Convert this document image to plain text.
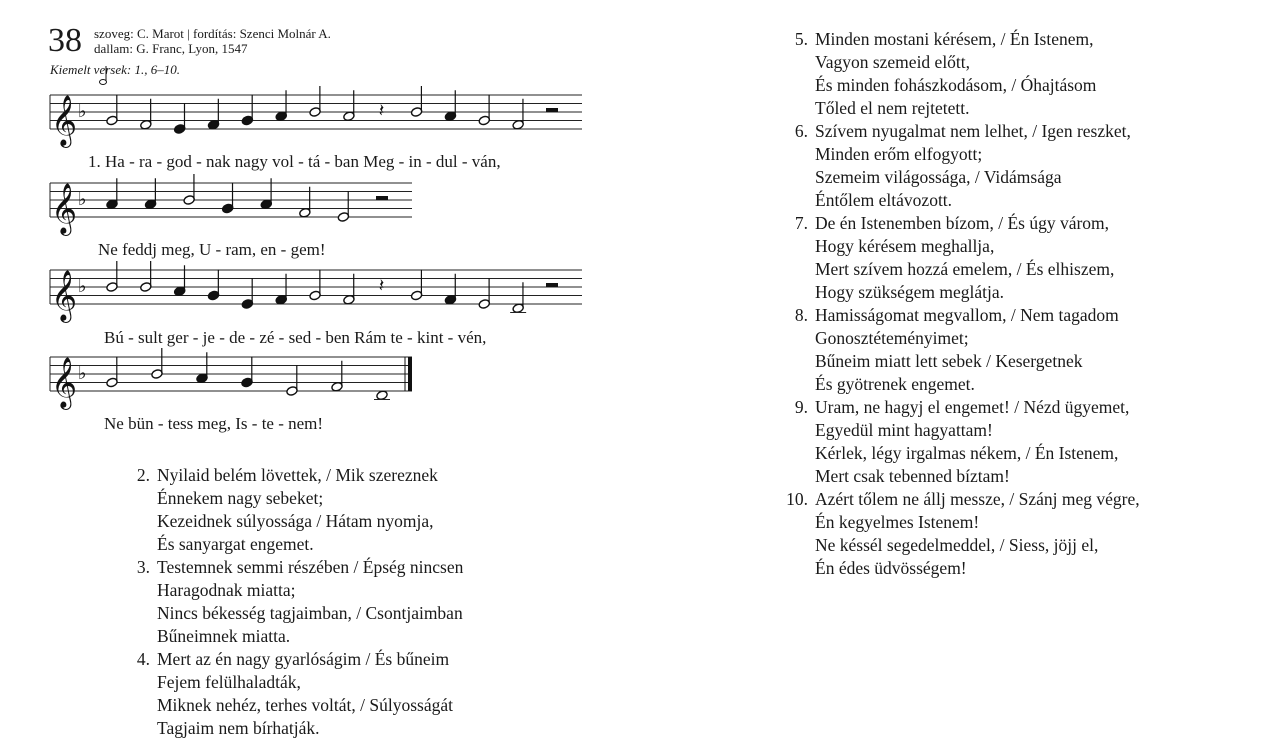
38 szoveg: C. Marot | fordítás: Szenci Molnár A.
dallam: G. Franc, Lyon, 1547
Kiemelt versek: 1., 6–10.
𝄞 ♭	𝄽
𝄞 ♭
𝄞 ♭	𝄽
𝄞 ♭
1. Ha - ra - god - nak nagy vol - tá - ban Meg - in - dul - ván,
Ne feddj meg, U - ram, en - gem!
Bú - sult ger - je - de - zé - sed - ben Rám te - kint - vén,
Ne bün - tess meg, Is - te - nem!
2. Nyilaid belém lövettek, / Mik szereznek
Énnekem nagy sebeket;
Kezeidnek súlyossága / Hátam nyomja,
És sanyargat engemet.
3. Testemnek semmi részében / Épség nincsen
Haragodnak miatta;
Nincs békesség tagjaimban, / Csontjaimban
Bűneimnek miatta.
4. Mert az én nagy gyarlóságim / És bűneim
Fejem felülhaladták,
Miknek nehéz, terhes voltát, / Súlyosságát
Tagjaim nem bírhatják.
5. Minden mostani kérésem, / Én Istenem,
Vagyon szemeid előtt,
És minden fohászkodásom, / Óhajtásom
Tőled el nem rejtetett.
6. Szívem nyugalmat nem lelhet, / Igen reszket,
Minden erőm elfogyott;
Szemeim világossága, / Vidámsága
Éntőlem eltávozott.
7. De én Istenemben bízom, / És úgy várom,
Hogy kérésem meghallja,
Mert szívem hozzá emelem, / És elhiszem,
Hogy szükségem meglátja.
8. Hamisságomat megvallom, / Nem tagadom
Gonosztéteményimet;
Bűneim miatt lett sebek / Kesergetnek
És gyötrenek engemet.
9. Uram, ne hagyj el engemet! / Nézd ügyemet,
Egyedül mint hagyattam!
Kérlek, légy irgalmas nékem, / Én Istenem,
Mert csak tebenned bíztam!
10. Azért tőlem ne állj messze, / Szánj meg végre,
Én kegyelmes Istenem!
Ne késsél segedelmeddel, / Siess, jöjj el,
Én édes üdvösségem!
